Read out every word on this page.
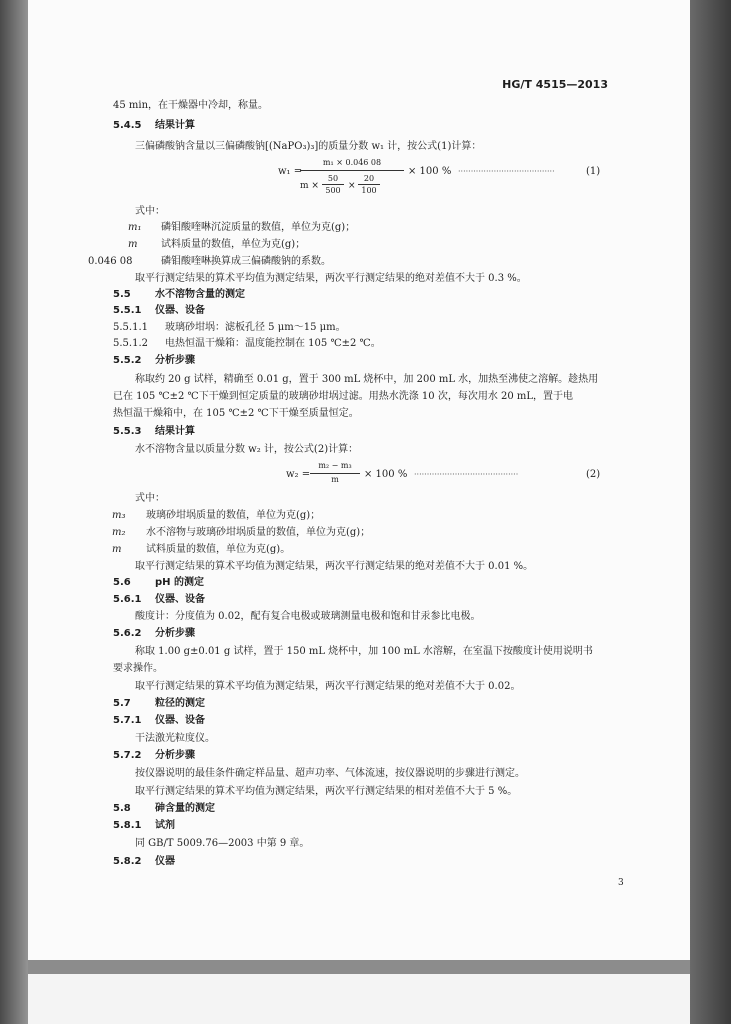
HG/T 4515—2013
45 min，在干燥器中冷却，称量。
5.4.5 结果计算
三偏磷酸钠含量以三偏磷酸钠[(NaPO₃)₃]的质量分数 w₁ 计，按公式(1)计算：
w₁ =
m₁ × 0.046 08
m ×
50
500 ×
20
100
× 100 % ······································	(1)
式中：
m₁ 磷钼酸喹啉沉淀质量的数值，单位为克(g)；
m 试料质量的数值，单位为克(g)；
0.046 08	磷钼酸喹啉换算成三偏磷酸钠的系数。
取平行测定结果的算术平均值为测定结果，两次平行测定结果的绝对差值不大于 0.3 %。
5.5 水不溶物含量的测定
5.5.1 仪器、设备
5.5.1.1 玻璃砂坩埚：滤板孔径 5 μm～15 μm。
5.5.1.2 电热恒温干燥箱：温度能控制在 105 ℃±2 ℃。
5.5.2 分析步骤
称取约 20 g 试样，精确至 0.01 g，置于 300 mL 烧杯中，加 200 mL 水，加热至沸使之溶解。趁热用
已在 105 ℃±2 ℃下干燥到恒定质量的玻璃砂坩埚过滤。用热水洗涤 10 次，每次用水 20 mL，置于电
热恒温干燥箱中，在 105 ℃±2 ℃下干燥至质量恒定。
5.5.3 结果计算
水不溶物含量以质量分数 w₂ 计，按公式(2)计算：
w₂ =
m₂ − m₃
m	× 100 % ·········································	(2)
式中：
m₃ 玻璃砂坩埚质量的数值，单位为克(g)；
m₂ 水不溶物与玻璃砂坩埚质量的数值，单位为克(g)；
m 试料质量的数值，单位为克(g)。
取平行测定结果的算术平均值为测定结果，两次平行测定结果的绝对差值不大于 0.01 %。
5.6 pH 的测定
5.6.1 仪器、设备
酸度计：分度值为 0.02，配有复合电极或玻璃测量电极和饱和甘汞参比电极。
5.6.2 分析步骤
称取 1.00 g±0.01 g 试样，置于 150 mL 烧杯中，加 100 mL 水溶解，在室温下按酸度计使用说明书
要求操作。
取平行测定结果的算术平均值为测定结果，两次平行测定结果的绝对差值不大于 0.02。
5.7 粒径的测定
5.7.1 仪器、设备
干法激光粒度仪。
5.7.2 分析步骤
按仪器说明的最佳条件确定样品量、超声功率、气体流速，按仪器说明的步骤进行测定。
取平行测定结果的算术平均值为测定结果，两次平行测定结果的相对差值不大于 5 %。
5.8 砷含量的测定
5.8.1 试剂
同 GB/T 5009.76—2003 中第 9 章。
5.8.2 仪器
3
